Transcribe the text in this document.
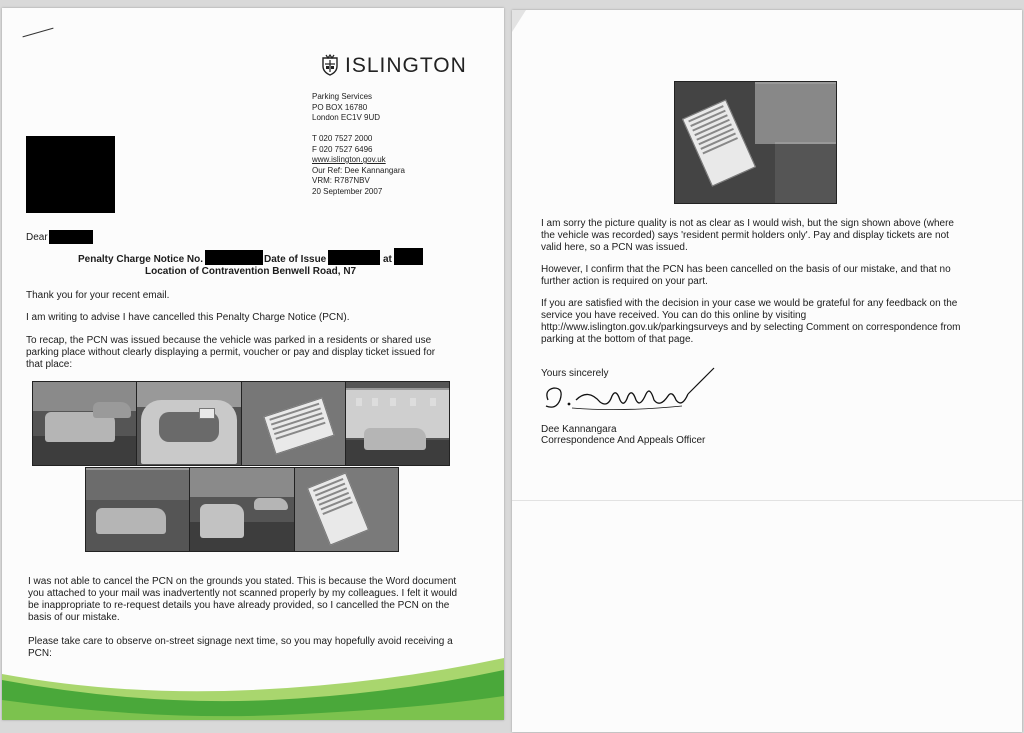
ISLINGTON
Parking Services
PO BOX 16780
London EC1V 9UD
T 020 7527 2000
F 020 7527 6496
www.islington.gov.uk
Our Ref: Dee Kannangara
VRM: R787NBV
20 September 2007
Dear
Penalty Charge Notice No.	Date of Issue	at
Location of Contravention Benwell Road, N7
Thank you for your recent email.
I am writing to advise I have cancelled this Penalty Charge Notice (PCN).
To recap, the PCN was issued because the vehicle was parked in a residents or shared use parking place without clearly displaying a permit, voucher or pay and display ticket issued for that place:
I was not able to cancel the PCN on the grounds you stated. This is because the Word document you attached to your mail was inadvertently not scanned properly by my colleagues. I felt it would be inappropriate to re-request details you have already provided, so I cancelled the PCN on the basis of our mistake.
Please take care to observe on-street signage next time, so you may hopefully avoid receiving a PCN:
I am sorry the picture quality is not as clear as I would wish, but the sign shown above (where the vehicle was recorded) says 'resident permit holders only'. Pay and display tickets are not valid here, so a PCN was issued.
However, I confirm that the PCN has been cancelled on the basis of our mistake, and that no further action is required on your part.
If you are satisfied with the decision in your case we would be grateful for any feedback on the service you have received. You can do this online by visiting http://www.islington.gov.uk/parkingsurveys and by selecting Comment on correspondence from parking at the bottom of that page.
Yours sincerely
Dee Kannangara
Correspondence And Appeals Officer
